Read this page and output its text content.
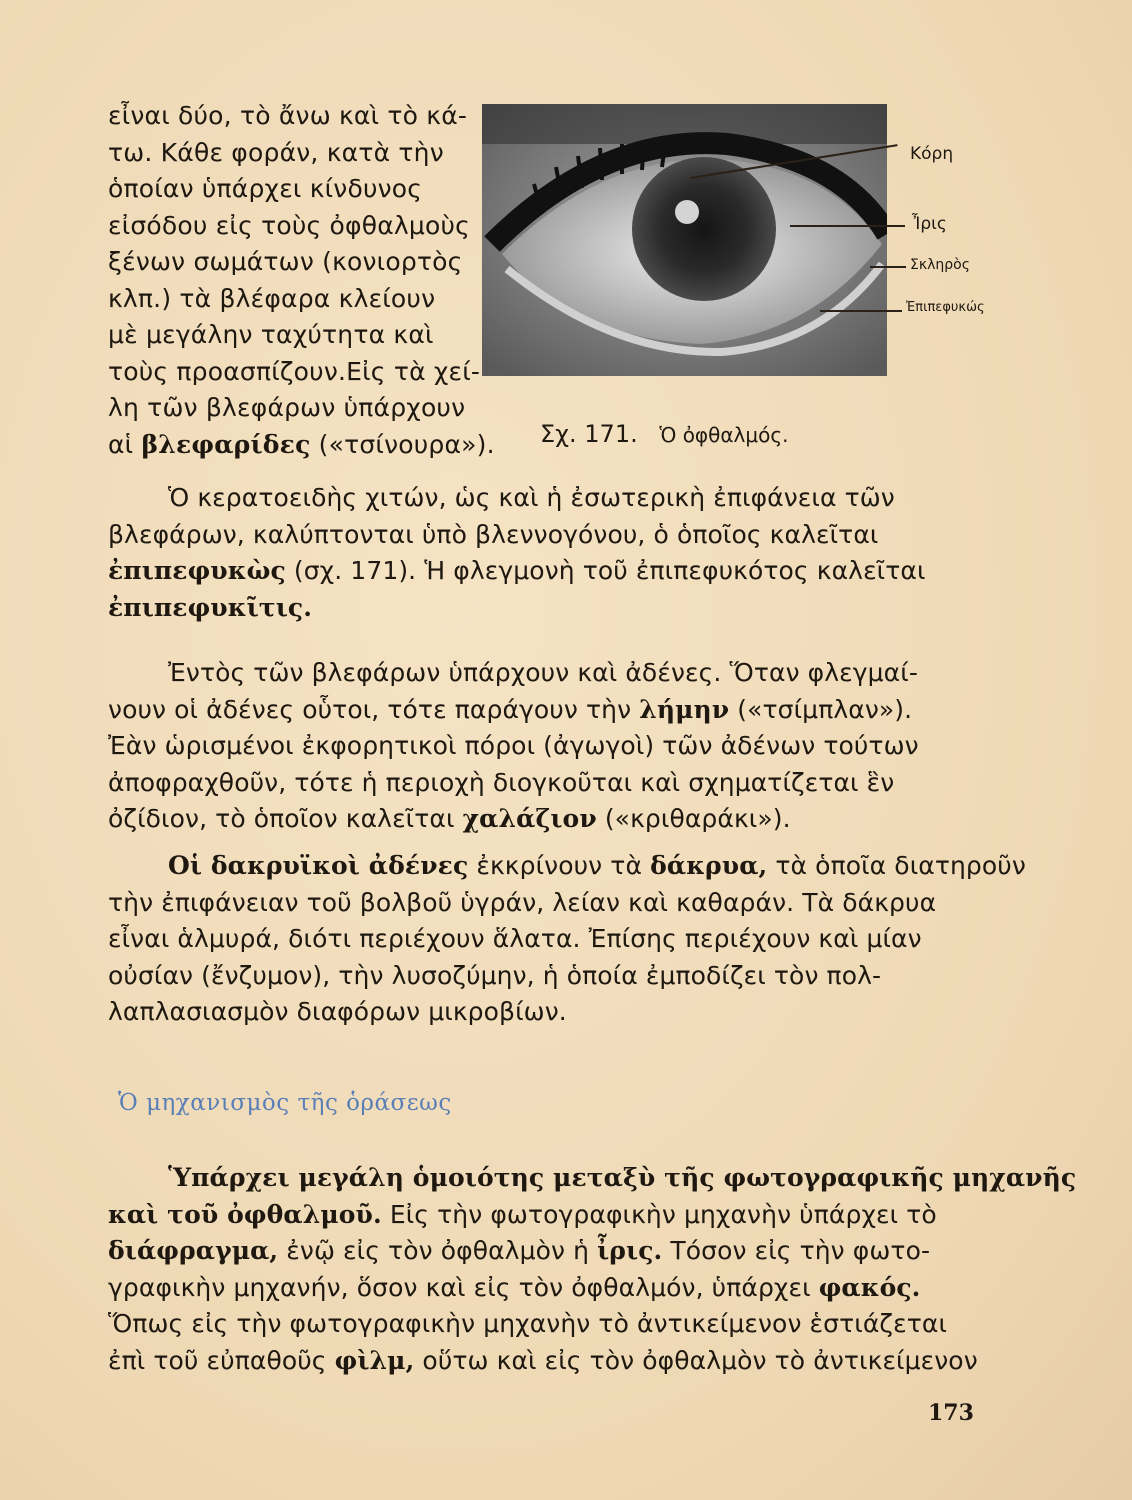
εἶναι δύο, τὸ ἄνω καὶ τὸ κά-
τω. Κάθε φοράν, κατὰ τὴν
ὁποίαν ὑπάρχει κίνδυνος
εἰσόδου εἰς τοὺς ὀφθαλμοὺς
ξένων σωμάτων (κονιορτὸς
κλπ.) τὰ βλέφαρα κλείουν
μὲ μεγάλην ταχύτητα καὶ
τοὺς προασπίζουν.Εἰς τὰ χεί-
λη τῶν βλεφάρων ὑπάρχουν
αἱ βλεφαρίδες («τσίνουρα»).
Κόρη
Ἶρις
Σκληρὸς
Ἐπιπεφυκώς
Σχ. 171. Ὁ ὀφθαλμός.
Ὁ κερατοειδὴς χιτών, ὡς καὶ ἡ ἐσωτερικὴ ἐπιφάνεια τῶν
βλεφάρων, καλύπτονται ὑπὸ βλεννογόνου, ὁ ὁποῖος καλεῖται
ἐπιπεφυκὼς (σχ. 171). Ἡ φλεγμονὴ τοῦ ἐπιπεφυκότος καλεῖται
ἐπιπεφυκῖτις.
Ἐντὸς τῶν βλεφάρων ὑπάρχουν καὶ ἀδένες. Ὅταν φλεγμαί-
νουν οἱ ἀδένες οὗτοι, τότε παράγουν τὴν λήμην («τσίμπλαν»).
Ἐὰν ὡρισμένοι ἐκφορητικοὶ πόροι (ἀγωγοὶ) τῶν ἀδένων τούτων
ἀποφραχθοῦν, τότε ἡ περιοχὴ διογκοῦται καὶ σχηματίζεται ἓν
ὀζίδιον, τὸ ὁποῖον καλεῖται χαλάζιον («κριθαράκι»).
Οἱ δακρυϊκοὶ ἀδένες ἐκκρίνουν τὰ δάκρυα, τὰ ὁποῖα διατηροῦν
τὴν ἐπιφάνειαν τοῦ βολβοῦ ὑγράν, λείαν καὶ καθαράν. Τὰ δάκρυα
εἶναι ἁλμυρά, διότι περιέχουν ἅλατα. Ἐπίσης περιέχουν καὶ μίαν
οὐσίαν (ἔνζυμον), τὴν λυσοζύμην, ἡ ὁποία ἐμποδίζει τὸν πολ-
λαπλασιασμὸν διαφόρων μικροβίων.
Ὁ μηχανισμὸς τῆς ὁράσεως
Ὑπάρχει μεγάλη ὁμοιότης μεταξὺ τῆς φωτογραφικῆς μηχανῆς
καὶ τοῦ ὀφθαλμοῦ. Εἰς τὴν φωτογραφικὴν μηχανὴν ὑπάρχει τὸ
διάφραγμα, ἐνῷ εἰς τὸν ὀφθαλμὸν ἡ ἶρις. Τόσον εἰς τὴν φωτο-
γραφικὴν μηχανήν, ὅσον καὶ εἰς τὸν ὀφθαλμόν, ὑπάρχει φακός.
Ὅπως εἰς τὴν φωτογραφικὴν μηχανὴν τὸ ἀντικείμενον ἑστιάζεται
ἐπὶ τοῦ εὐπαθοῦς φὶλμ, οὕτω καὶ εἰς τὸν ὀφθαλμὸν τὸ ἀντικείμενον
173
